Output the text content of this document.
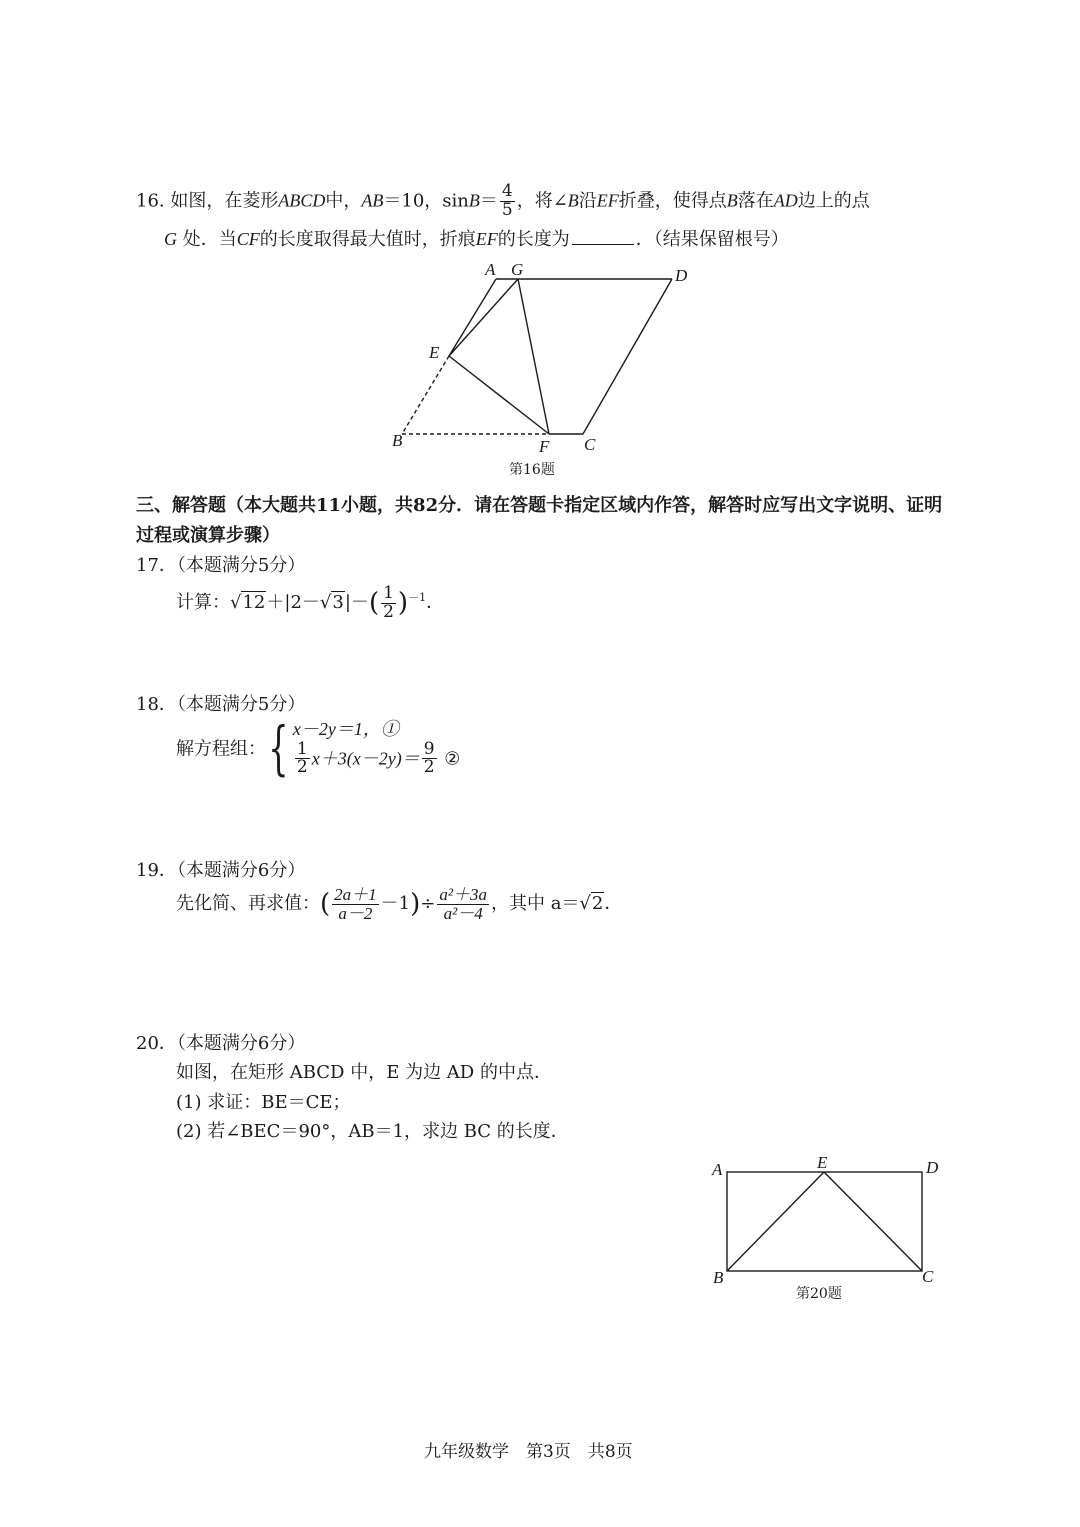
16. 如图，在菱形ABCD中，AB＝10，$\sin B= \frac{4}{5}$ ，将∠B沿EF折叠，使得点B落在AD边上的点
G 处．当CF的长度取得最大值时，折痕EF的长度为	．（结果保留根号）
A G	D
E
B	F C
第16题
三、解答题（本大题共11小题，共82分．请在答题卡指定区域内作答，解答时应写出文字说明、证明
过程或演算步骤）
17．（本题满分5分）
计算：$√12+|2-√3|-( \frac{1}{2} )^{-1}$．
18．（本题满分5分）
解方程组：{ x－2y＝1，①
$\frac{1}{2} x+3(x-2y)= \frac{9}{2}$ ②
19．（本题满分6分）
先化简、再求值：( $\frac{2a+1}{a-2} -1)\div \frac{\text{a²＋3a}}{\text{a²－4}}$ ，其中 a＝√2．
20．（本题满分6分）
如图，在矩形 ABCD 中，E 为边 AD 的中点．
(1) 求证：BE＝CE；
(2) 若∠BEC＝90°，AB＝1，求边 BC 的长度．
A	E	D
B	C
第20题
九年级数学　第3页　共8页
